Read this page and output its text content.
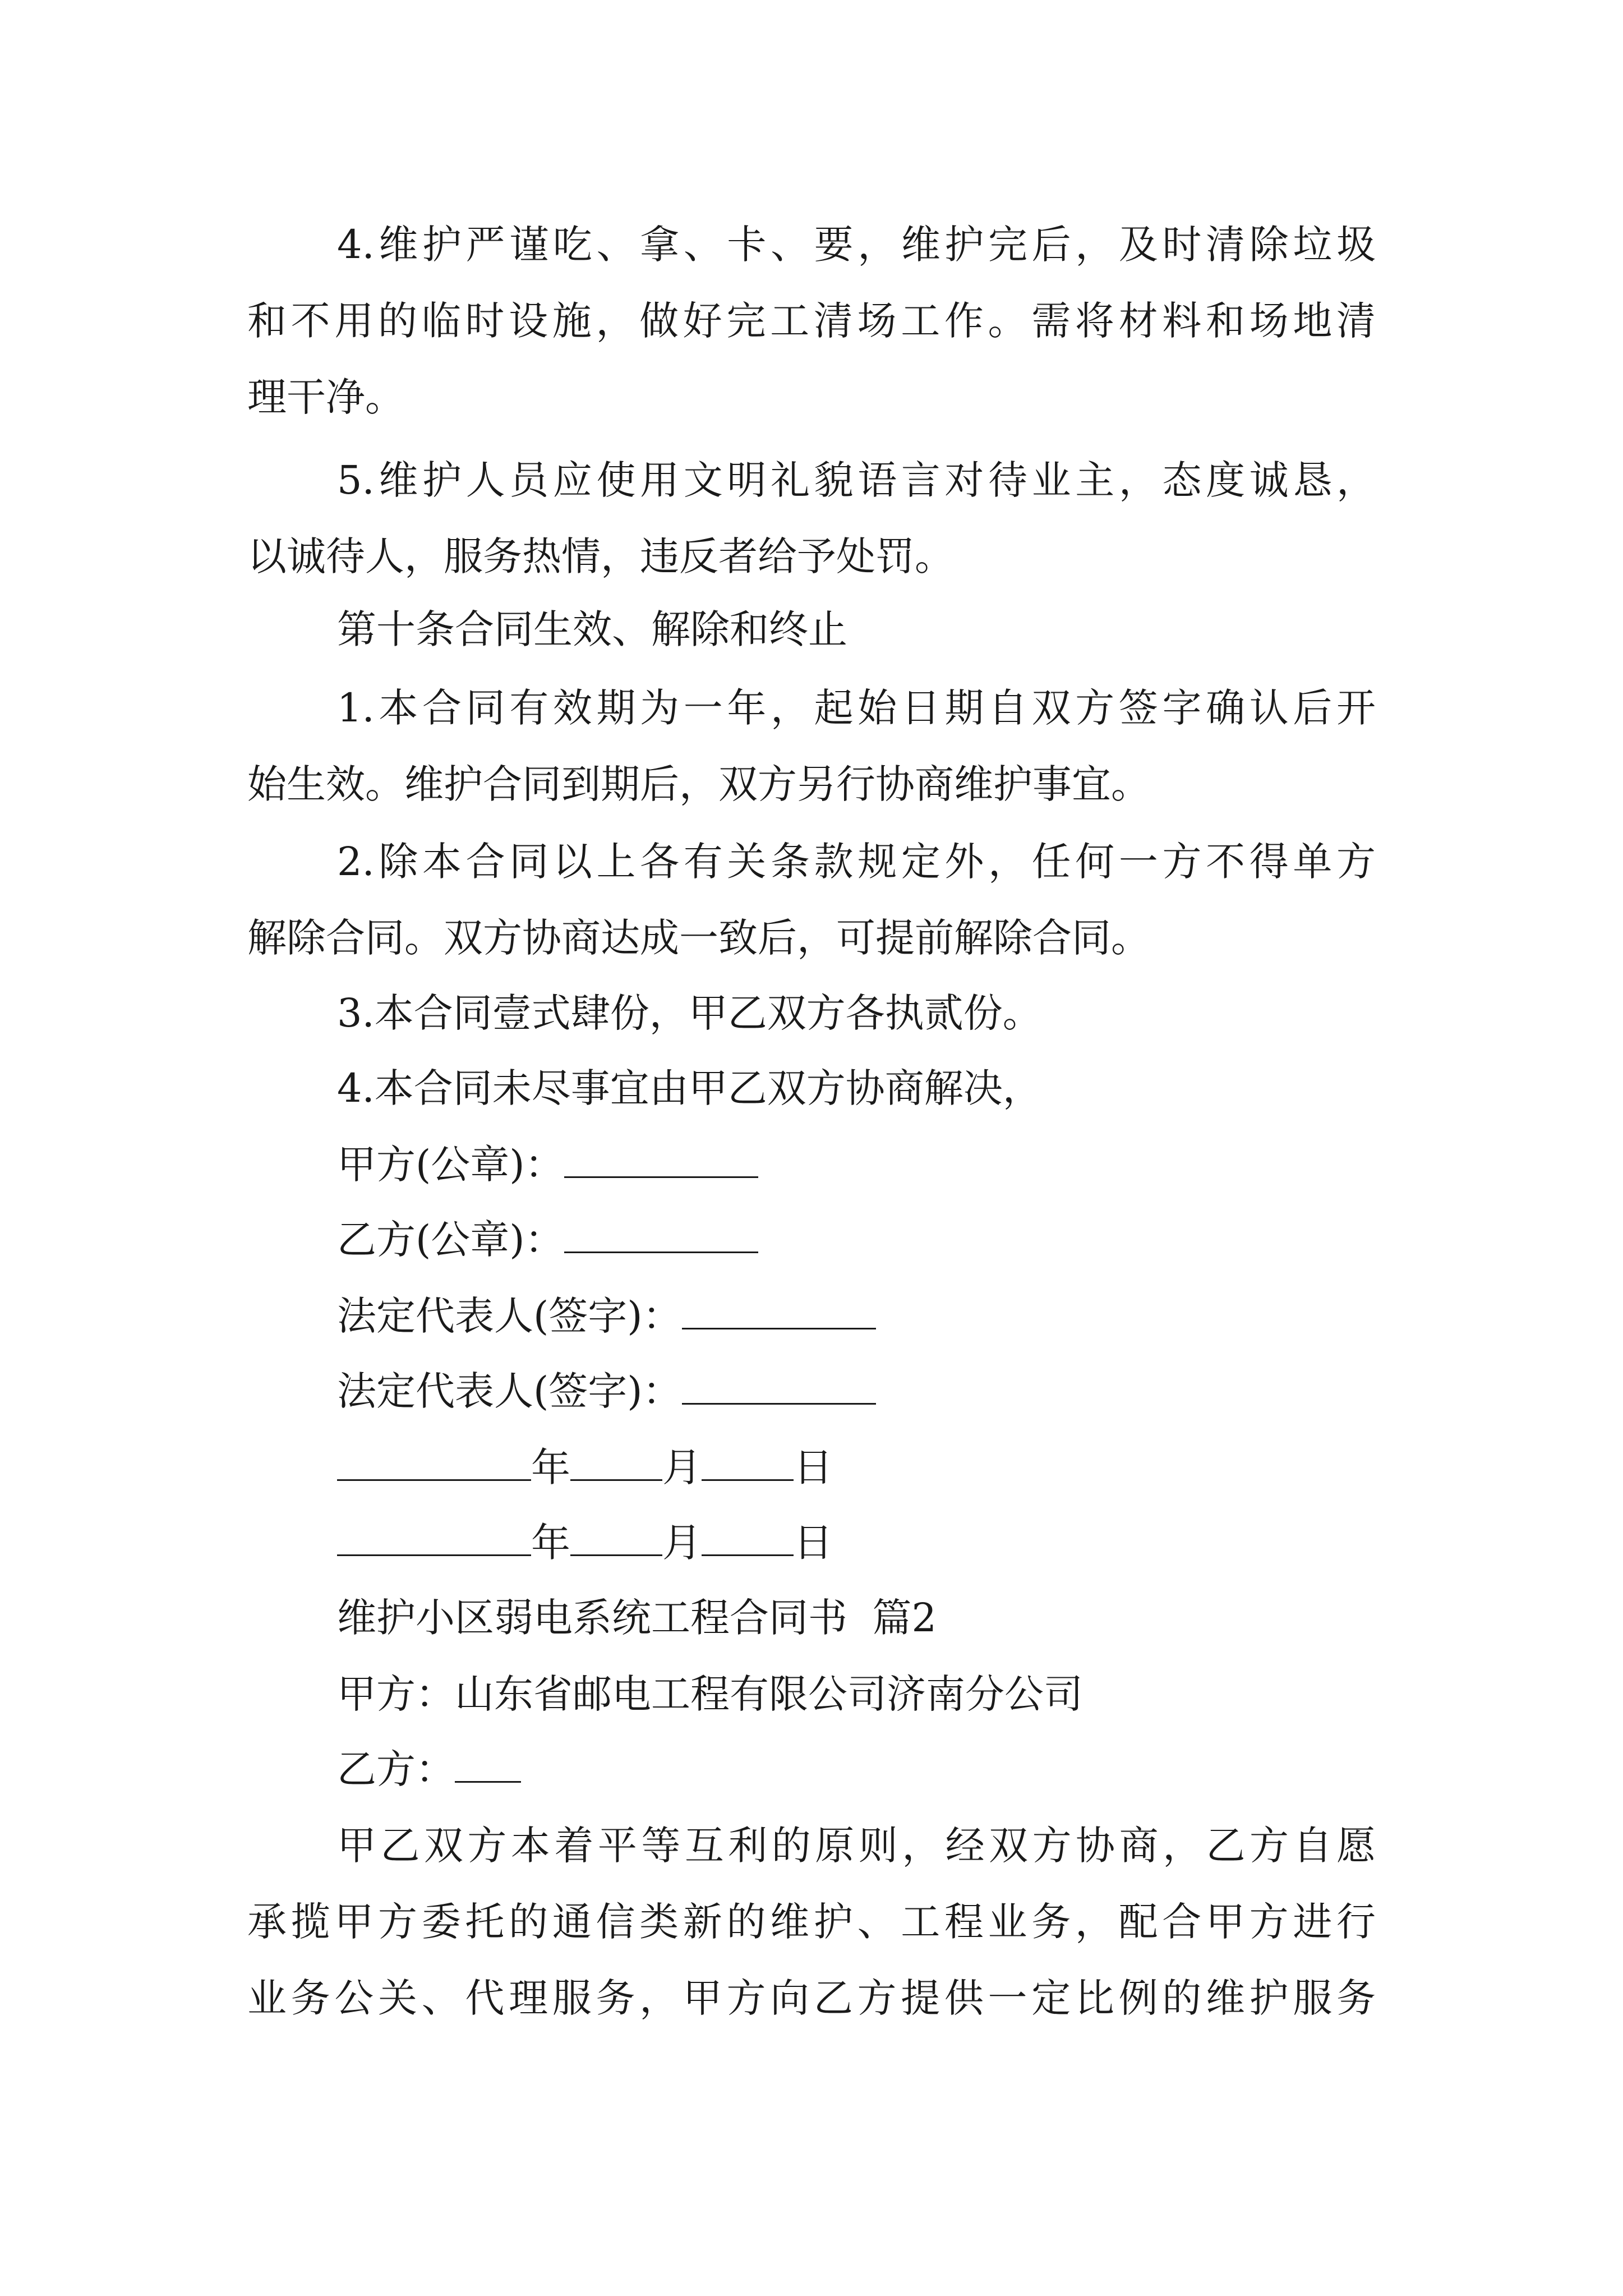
4.维护严谨吃、拿、卡、要，维护完后，及时清除垃圾
和不用的临时设施，做好完工清场工作。需将材料和场地清
理干净。
5.维护人员应使用文明礼貌语言对待业主，态度诚恳，
以诚待人，服务热情，违反者给予处罚。
第十条合同生效、解除和终止
1.本合同有效期为一年，起始日期自双方签字确认后开
始生效。维护合同到期后，双方另行协商维护事宜。
2.除本合同以上各有关条款规定外，任何一方不得单方
解除合同。双方协商达成一致后，可提前解除合同。
3.本合同壹式肆份，甲乙双方各执贰份。
4.本合同未尽事宜由甲乙双方协商解决，
甲方(公章)：
乙方(公章)：
法定代表人(签字)：
法定代表人(签字)：
年 月 日
年 月 日
维护小区弱电系统工程合同书  篇2
甲方：山东省邮电工程有限公司济南分公司
乙方：
甲乙双方本着平等互利的原则，经双方协商，乙方自愿
承揽甲方委托的通信类新的维护、工程业务，配合甲方进行
业务公关、代理服务，甲方向乙方提供一定比例的维护服务
